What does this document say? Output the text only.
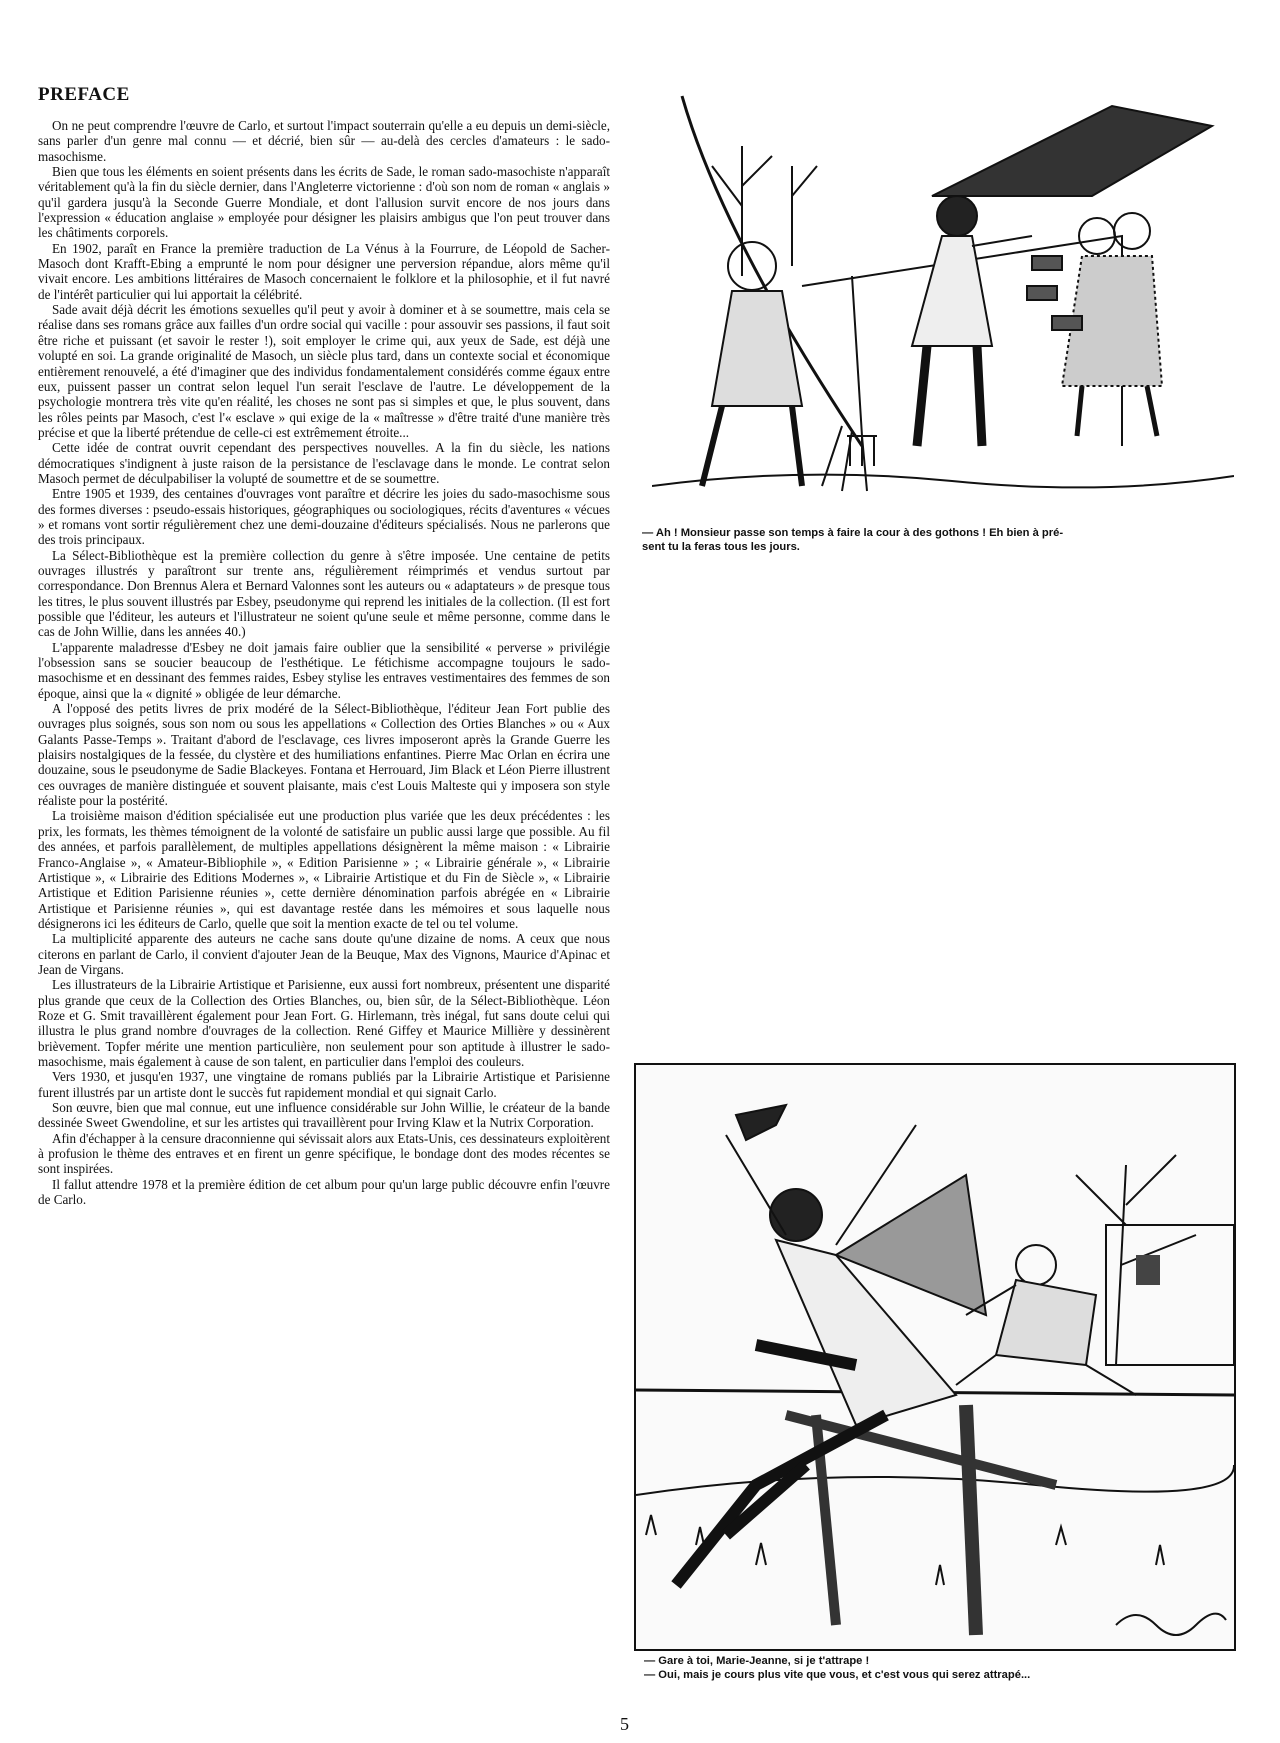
PREFACE

On ne peut comprendre l'œuvre de Carlo, et surtout l'impact souterrain qu'elle a eu depuis un demi-siècle, sans parler d'un genre mal connu — et décrié, bien sûr — au-delà des cercles d'amateurs : le sado-masochisme.

Bien que tous les éléments en soient présents dans les écrits de Sade, le roman sado-masochiste n'apparaît véritablement qu'à la fin du siècle dernier, dans l'Angleterre victorienne : d'où son nom de roman « anglais » qu'il gardera jusqu'à la Seconde Guerre Mondiale, et dont l'allusion survit encore de nos jours dans l'expression « éducation anglaise » employée pour désigner les plaisirs ambigus que l'on peut trouver dans les châtiments corporels.

En 1902, paraît en France la première traduction de La Vénus à la Fourrure, de Léopold de Sacher-Masoch dont Krafft-Ebing a emprunté le nom pour désigner une perversion répandue, alors même qu'il vivait encore. Les ambitions littéraires de Masoch concernaient le folklore et la philosophie, et il fut navré de l'intérêt particulier qui lui apportait la célébrité.

Sade avait déjà décrit les émotions sexuelles qu'il peut y avoir à dominer et à se soumettre, mais cela se réalise dans ses romans grâce aux failles d'un ordre social qui vacille : pour assouvir ses passions, il faut soit être riche et puissant (et savoir le rester !), soit employer le crime qui, aux yeux de Sade, est déjà une volupté en soi. La grande originalité de Masoch, un siècle plus tard, dans un contexte social et économique entièrement renouvelé, a été d'imaginer que des individus fondamentalement considérés comme égaux entre eux, puissent passer un contrat selon lequel l'un serait l'esclave de l'autre. Le développement de la psychologie montrera très vite qu'en réalité, les choses ne sont pas si simples et que, le plus souvent, dans les rôles peints par Masoch, c'est l'« esclave » qui exige de la « maîtresse » d'être traité d'une manière très précise et que la liberté prétendue de celle-ci est extrêmement étroite...

Cette idée de contrat ouvrit cependant des perspectives nouvelles. A la fin du siècle, les nations démocratiques s'indignent à juste raison de la persistance de l'esclavage dans le monde. Le contrat selon Masoch permet de déculpabiliser la volupté de soumettre et de se soumettre.

Entre 1905 et 1939, des centaines d'ouvrages vont paraître et décrire les joies du sado-masochisme sous des formes diverses : pseudo-essais historiques, géographiques ou sociologiques, récits d'aventures « vécues » et romans vont sortir régulièrement chez une demi-douzaine d'éditeurs spécialisés. Nous ne parlerons que des trois principaux.

La Sélect-Bibliothèque est la première collection du genre à s'être imposée. Une centaine de petits ouvrages illustrés y paraîtront sur trente ans, régulièrement réimprimés et vendus surtout par correspondance. Don Brennus Alera et Bernard Valonnes sont les auteurs ou « adaptateurs » de presque tous les titres, le plus souvent illustrés par Esbey, pseudonyme qui reprend les initiales de la collection. (Il est fort possible que l'éditeur, les auteurs et l'illustrateur ne soient qu'une seule et même personne, comme dans le cas de John Willie, dans les années 40.)

L'apparente maladresse d'Esbey ne doit jamais faire oublier que la sensibilité « perverse » privilégie l'obsession sans se soucier beaucoup de l'esthétique. Le fétichisme accompagne toujours le sado-masochisme et en dessinant des femmes raides, Esbey stylise les entraves vestimentaires des femmes de son époque, ainsi que la « dignité » obligée de leur démarche.

A l'opposé des petits livres de prix modéré de la Sélect-Bibliothèque, l'éditeur Jean Fort publie des ouvrages plus soignés, sous son nom ou sous les appellations « Collection des Orties Blanches » ou « Aux Galants Passe-Temps ». Traitant d'abord de l'esclavage, ces livres imposeront après la Grande Guerre les plaisirs nostalgiques de la fessée, du clystère et des humiliations enfantines. Pierre Mac Orlan en écrira une douzaine, sous le pseudonyme de Sadie Blackeyes. Fontana et Herrouard, Jim Black et Léon Pierre illustrent ces ouvrages de manière distinguée et souvent plaisante, mais c'est Louis Malteste qui y imposera son style réaliste pour la postérité.

La troisième maison d'édition spécialisée eut une production plus variée que les deux précédentes : les prix, les formats, les thèmes témoignent de la volonté de satisfaire un public aussi large que possible. Au fil des années, et parfois parallèlement, de multiples appellations désignèrent la même maison : « Librairie Franco-Anglaise », « Amateur-Bibliophile », « Edition Parisienne » ; « Librairie générale », « Librairie Artistique », « Librairie des Editions Modernes », « Librairie Artistique et du Fin de Siècle », « Librairie Artistique et Edition Parisienne réunies », cette dernière dénomination parfois abrégée en « Librairie Artistique et Parisienne réunies », qui est davantage restée dans les mémoires et sous laquelle nous désignerons ici les éditeurs de Carlo, quelle que soit la mention exacte de tel ou tel volume.

La multiplicité apparente des auteurs ne cache sans doute qu'une dizaine de noms. A ceux que nous citerons en parlant de Carlo, il convient d'ajouter Jean de la Beuque, Max des Vignons, Maurice d'Apinac et Jean de Virgans.

Les illustrateurs de la Librairie Artistique et Parisienne, eux aussi fort nombreux, présentent une disparité plus grande que ceux de la Collection des Orties Blanches, ou, bien sûr, de la Sélect-Bibliothèque. Léon Roze et G. Smit travaillèrent également pour Jean Fort. G. Hirlemann, très inégal, fut sans doute celui qui illustra le plus grand nombre d'ouvrages de la collection. René Giffey et Maurice Millière y dessinèrent brièvement. Topfer mérite une mention particulière, non seulement pour son aptitude à illustrer le sado-masochisme, mais également à cause de son talent, en particulier dans l'emploi des couleurs.

Vers 1930, et jusqu'en 1937, une vingtaine de romans publiés par la Librairie Artistique et Parisienne furent illustrés par un artiste dont le succès fut rapidement mondial et qui signait Carlo.

Son œuvre, bien que mal connue, eut une influence considérable sur John Willie, le créateur de la bande dessinée Sweet Gwendoline, et sur les artistes qui travaillèrent pour Irving Klaw et la Nutrix Corporation.

Afin d'échapper à la censure draconnienne qui sévissait alors aux Etats-Unis, ces dessinateurs exploitèrent à profusion le thème des entraves et en firent un genre spécifique, le bondage dont des modes récentes se sont inspirées.

Il fallut attendre 1978 et la première édition de cet album pour qu'un large public découvre enfin l'œuvre de Carlo.

— Ah ! Monsieur passe son temps à faire la cour à des gothons ! Eh bien à pré-
sent tu la feras tous les jours.
— Gare à toi, Marie-Jeanne, si je t'attrape !
— Oui, mais je cours plus vite que vous, et c'est vous qui serez attrapé...
5
